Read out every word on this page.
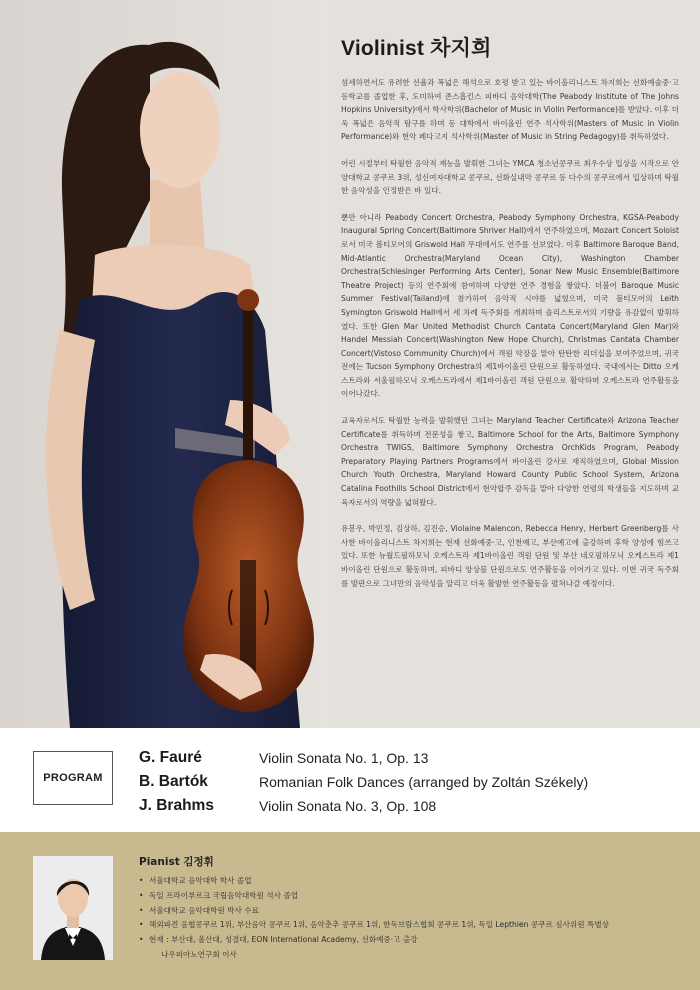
Violinist 차지희

섬세하면서도 유려한 선율과 폭넓은 해석으로 호평 받고 있는 바이올리니스트 차지희는 선화예술중·고등학교를 졸업한 후, 도미하여 존스홉킨스 피바디 음악대학(The Peabody Institute of The Johns Hopkins University)에서 학사학위(Bachelor of Music in Violin Performance)를 받았다. 이후 더욱 폭넓은 음악적 탐구를 하며 동 대학에서 바이올린 연주 석사학위(Masters of Music in Violin Performance)와 현악 페다고지 석사학위(Master of Music in String Pedagogy)를 취득하였다.

어린 시절부터 탁월한 음악적 재능을 발휘한 그녀는 YMCA 청소년콩쿠르 최우수상 입상을 시작으로 안양대학교 콩쿠르 3위, 성신여자대학교 콩쿠르, 선화실내악 콩쿠르 등 다수의 콩쿠르에서 입상하며 탁월한 음악성을 인정받은 바 있다.

뿐만 아니라 Peabody Concert Orchestra, Peabody Symphony Orchestra, KGSA-Peabody Inaugural Spring Concert(Baltimore Shriver Hall)에서 연주하였으며, Mozart Concert Soloist로서 미국 볼티모어의 Griswold Hall 무대에서도 연주를 선보였다. 이후 Baltimore Baroque Band, Mid-Atlantic Orchestra(Maryland Ocean City), Washington Chamber Orchestra(Schlesinger Performing Arts Center), Sonar New Music Ensemble(Baltimore Theatre Project) 등의 연주회에 참여하며 다양한 연주 경험을 쌓았다. 더불어 Baroque Music Summer Festival(Tailand)에 참가하여 음악적 시야를 넓혔으며, 미국 볼티모어의 Leith Symington Griswold Hall에서 세 차례 독주회를 개최하며 솔리스트로서의 기량을 유감없이 발휘하였다. 또한 Glen Mar United Methodist Church Cantata Concert(Maryland Glen Mar)와 Handel Messiah Concert(Washington New Hope Church), Christmas Cantata Chamber Concert(Vistoso Community Church)에서 객원 악장을 맡아 탄탄한 리더십을 보여주었으며, 귀국 전에는 Tucson Symphony Orchestra의 제1바이올린 단원으로 활동하였다. 국내에서는 Ditto 오케스트라와 서울필하모닉 오케스트라에서 제1바이올린 객원 단원으로 활약하며 오케스트라 연주활동을 이어나갔다.

교육자로서도 탁월한 능력을 발휘했던 그녀는 Maryland Teacher Certificate와 Arizona Teacher Certificate를 취득하며 전문성을 쌓고, Baltimore School for the Arts, Baltimore Symphony Orchestra TWIGS, Baltimore Symphony Orchestra OrchKids Program, Peabody Preparatory Playing Partners Programs에서 바이올린 강사로 재직하였으며, Global Mission Church Youth Orchestra, Maryland Howard County Public School System, Arizona Catalina Foothills School District에서 현악합주 감독을 맡아 다양한 연령의 학생들을 지도하며 교육자로서의 역량을 넓혀왔다.

유봉우, 박민정, 김상하, 김진승, Violaine Malencon, Rebecca Henry, Herbert Greenberg를 사사한 바이올리니스트 차지희는 현재 선화예중·고, 인천예고, 부산예고에 출강하며 후학 양성에 힘쓰고 있다. 또한 뉴월드필하모닉 오케스트라 제1바이올린 객원 단원 및 부산 네오필하모닉 오케스트라 제1바이올린 단원으로 활동하며, 피바디 앙상블 단원으로도 연주활동을 이어가고 있다. 이번 귀국 독주회를 발판으로 그녀만의 음악성을 알리고 더욱 활발한 연주활동을 펼쳐나갈 예정이다.

PROGRAM
G. Fauré	Violin Sonata No. 1, Op. 13
B. Bartók	Romanian Folk Dances (arranged by Zoltán Székely)
J. Brahms	Violin Sonata No. 3, Op. 108
Pianist 김정휘
• 서울대학교 음악대학 학사 졸업
• 독일 프라이부르크 국립음악대학원 석사 졸업
• 서울대학교 음악대학원 박사 수료
• 해외파견 음협콩쿠르 1위, 부산음악 콩쿠르 1위, 음악춘추 콩쿠르 1위, 한독브람스협회 콩쿠르 1위, 독일 Lepthien 콩쿠르 심사위원 특별상
• 현재 : 부산대, 울산대, 성결대, EON International Academy, 선화예중·고 출강
나우피아노연구회 이사
